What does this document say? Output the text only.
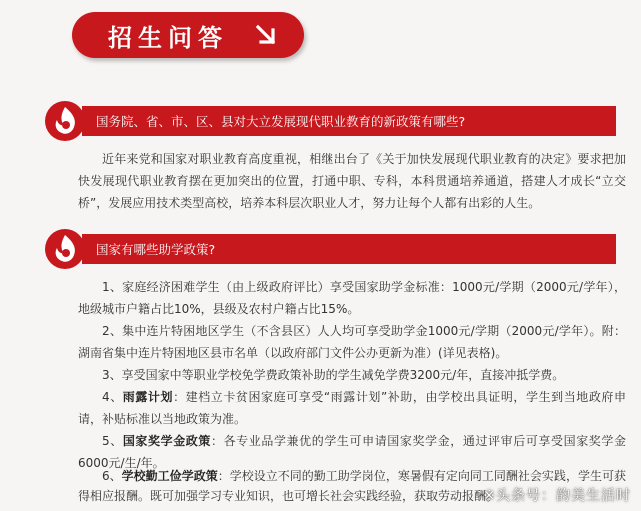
招生问答
国务院、省、市、区、县对大立发展现代职业教育的新政策有哪些?
近年来党和国家对职业教育高度重视，相继出台了《关于加快发展现代职业教育的决定》要求把加快发展现代职业教育摆在更加突出的位置，打通中职、专科，本科贯通培养通道，搭建人才成长“立交桥”，发展应用技术类型高校，培养本科层次职业人才，努力让每个人都有出彩的人生。
国家有哪些助学政策?
1、家庭经济困难学生（由上级政府评比）享受国家助学金标准：1000元/学期（2000元/学年），地级城市户籍占比10%，县级及农村户籍占比15%。
2、集中连片特困地区学生（不含县区）人人均可享受助学金1000元/学期（2000元/学年）。附：湖南省集中连片特困地区县市名单（以政府部门文件公办更新为准）(详见表格)。
3、享受国家中等职业学校免学费政策补助的学生减免学费3200元/年，直接冲抵学费。
4、雨露计划：建档立卡贫困家庭可享受“雨露计划”补助，由学校出具证明，学生到当地政府申请，补贴标准以当地政策为准。
5、国家奖学金政策：各专业品学兼优的学生可申请国家奖学金，通过评审后可享受国家奖学金6000元/生/年。
6、学校勤工俭学政策：学校设立不同的勤工助学岗位，寒暑假有定向同工同酬社会实践，学生可获得相应报酬。既可加强学习专业知识，也可增长社会实践经验，获取劳动报酬。
※头条号：韵美生活时
